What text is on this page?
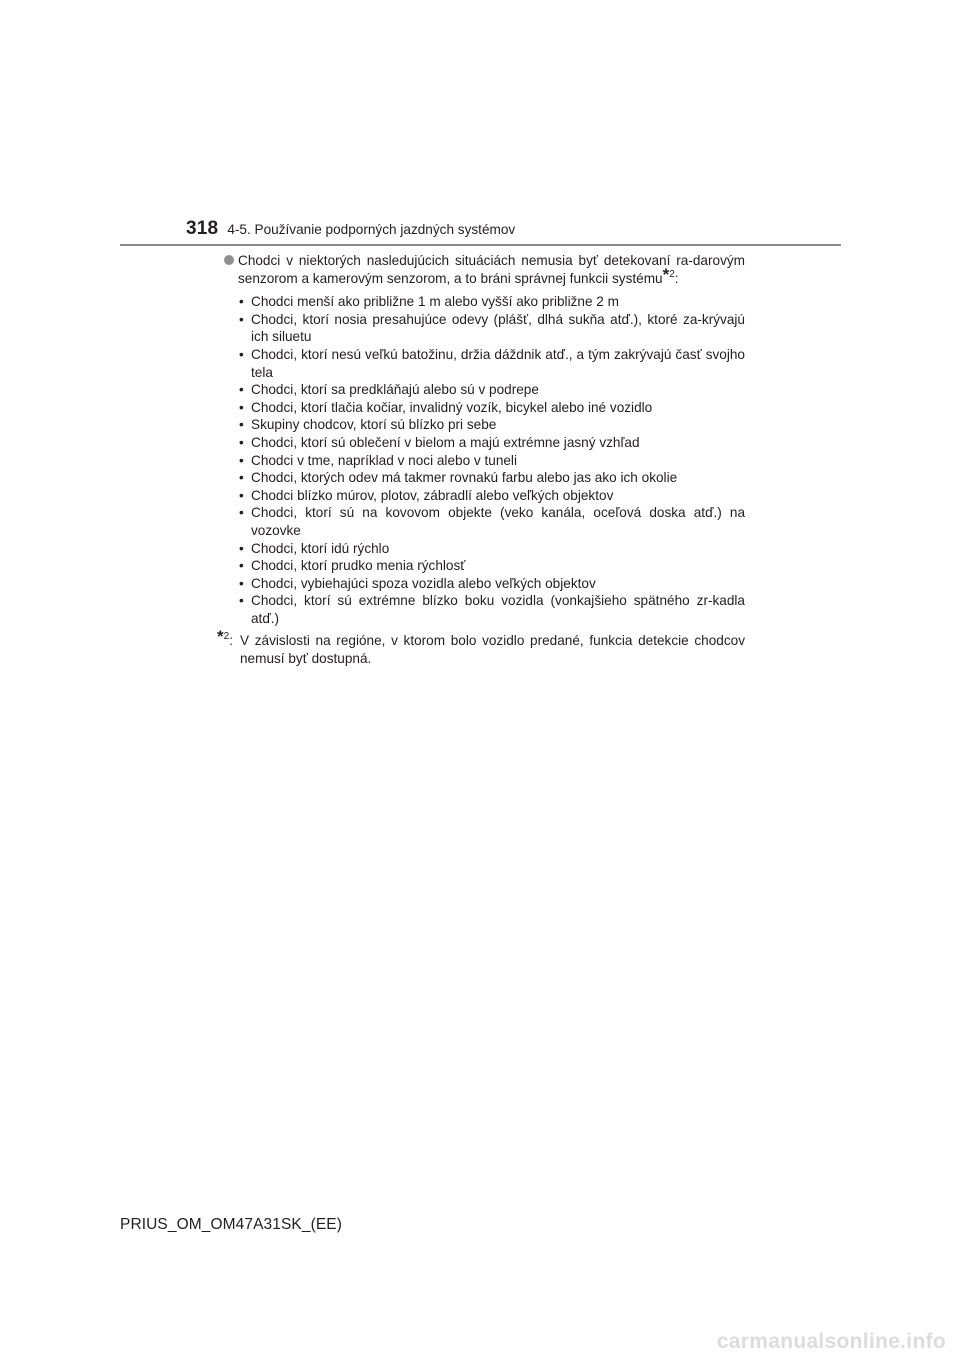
318 4-5. Používanie podporných jazdných systémov
Chodci v niektorých nasledujúcich situáciách nemusia byť detekovaní ra-darovým senzorom a kamerovým senzorom, a to bráni správnej funkcii systému*$^2$:
• Chodci menší ako približne 1 m alebo vyšší ako približne 2 m
• Chodci, ktorí nosia presahujúce odevy (plášť, dlhá sukňa atď.), ktoré za-krývajú ich siluetu
• Chodci, ktorí nesú veľkú batožinu, držia dáždnik atď., a tým zakrývajú časť svojho tela
• Chodci, ktorí sa predkláňajú alebo sú v podrepe
• Chodci, ktorí tlačia kočiar, invalidný vozík, bicykel alebo iné vozidlo
• Skupiny chodcov, ktorí sú blízko pri sebe
• Chodci, ktorí sú oblečení v bielom a majú extrémne jasný vzhľad
• Chodci v tme, napríklad v noci alebo v tuneli
• Chodci, ktorých odev má takmer rovnakú farbu alebo jas ako ich okolie
• Chodci blízko múrov, plotov, zábradlí alebo veľkých objektov
• Chodci, ktorí sú na kovovom objekte (veko kanála, oceľová doska atď.) na vozovke
• Chodci, ktorí idú rýchlo
• Chodci, ktorí prudko menia rýchlosť
• Chodci, vybiehajúci spoza vozidla alebo veľkých objektov
• Chodci, ktorí sú extrémne blízko boku vozidla (vonkajšieho spätného zr-kadla atď.)
*$^2$: V závislosti na regióne, v ktorom bolo vozidlo predané, funkcia detekcie chodcov nemusí byť dostupná.
PRIUS_OM_OM47A31SK_(EE)
carmanualsonline.info
